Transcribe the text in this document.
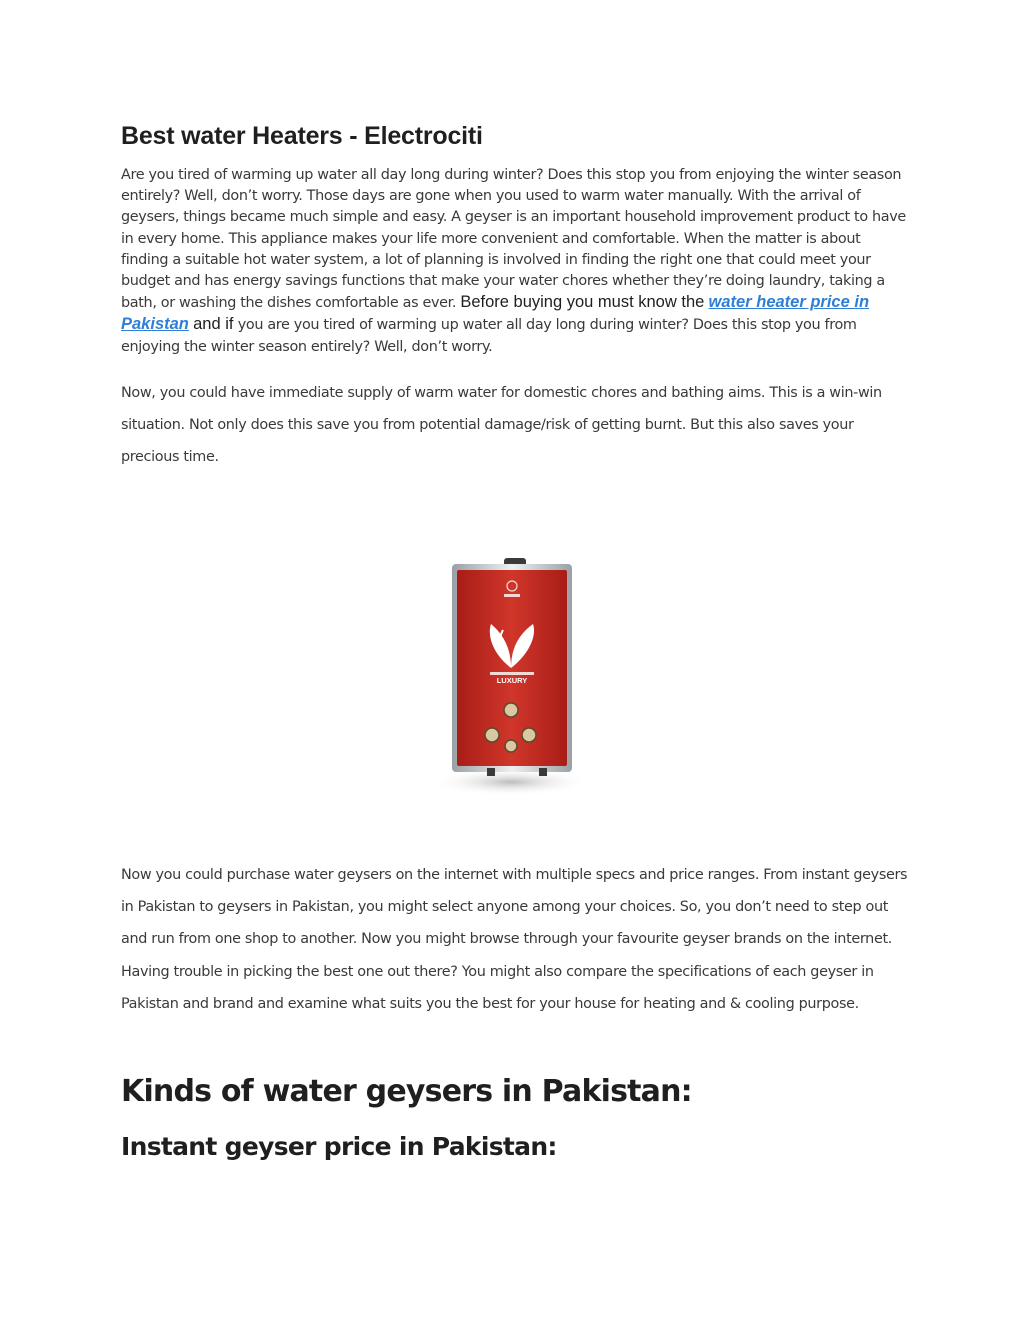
Best water Heaters - Electrociti

Are you tired of warming up water all day long during winter? Does this stop you from enjoying the winter season entirely? Well, don’t worry. Those days are gone when you used to warm water manually. With the arrival of geysers, things became much simple and easy. A geyser is an important household improvement product to have in every home. This appliance makes your life more convenient and comfortable. When the matter is about finding a suitable hot water system, a lot of planning is involved in finding the right one that could meet your budget and has energy savings functions that make your water chores whether they’re doing laundry, taking a bath, or washing the dishes comfortable as ever. Before buying you must know the water heater price in Pakistan and if you are you tired of warming up water all day long during winter? Does this stop you from enjoying the winter season entirely? Well, don’t worry.

Now, you could have immediate supply of warm water for domestic chores and bathing aims. This is a win-win situation. Not only does this save you from potential damage/risk of getting burnt. But this also saves your precious time.

LUXURY

Now you could purchase water geysers on the internet with multiple specs and price ranges. From instant geysers in Pakistan to geysers in Pakistan, you might select anyone among your choices. So, you don’t need to step out and run from one shop to another. Now you might browse through your favourite geyser brands on the internet. Having trouble in picking the best one out there? You might also compare the specifications of each geyser in Pakistan and brand and examine what suits you the best for your house for heating and & cooling purpose.

Kinds of water geysers in Pakistan:
Instant geyser price in Pakistan:
